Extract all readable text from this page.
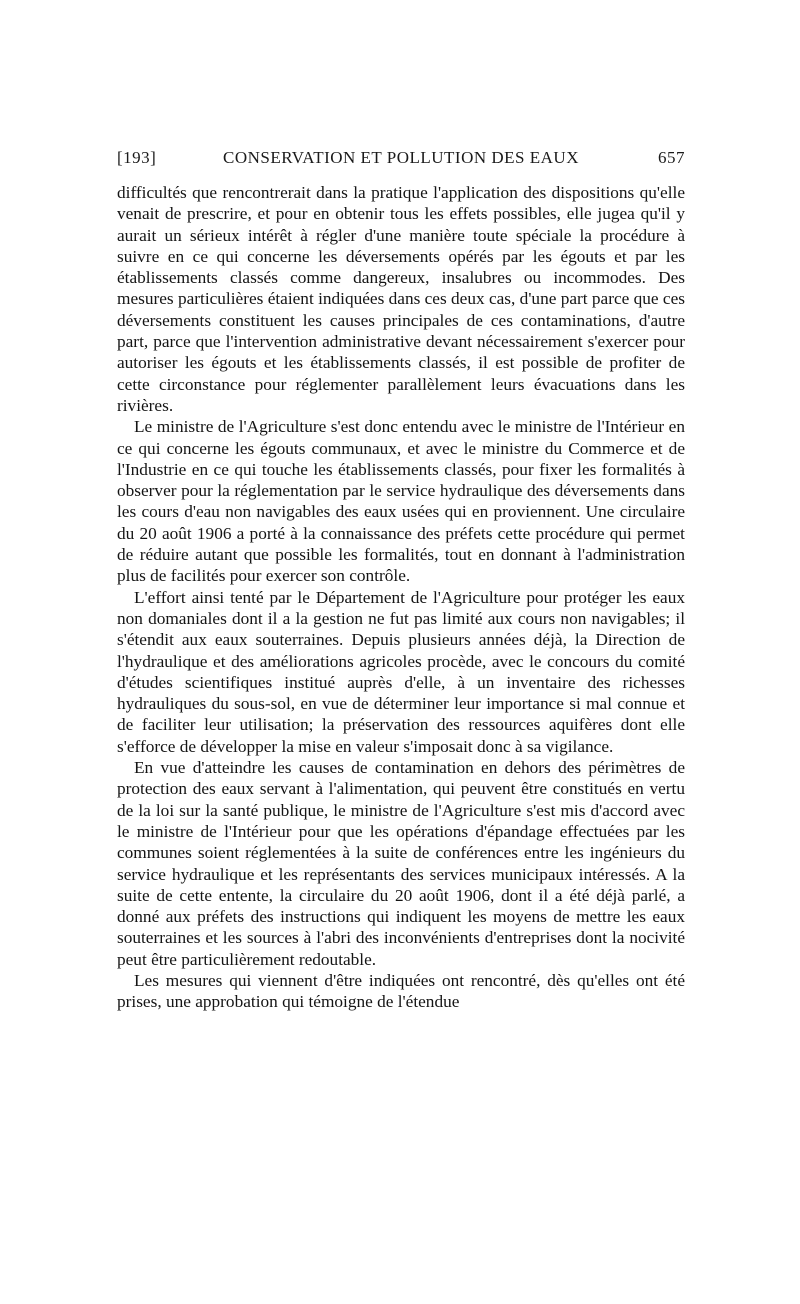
[193]	CONSERVATION ET POLLUTION DES EAUX	657

difficultés que rencontrerait dans la pratique l'application des dispositions qu'elle venait de prescrire, et pour en obtenir tous les effets possibles, elle jugea qu'il y aurait un sérieux intérêt à régler d'une manière toute spéciale la procédure à suivre en ce qui concerne les déversements opérés par les égouts et par les établissements classés comme dangereux, insalubres ou incommodes. Des mesures particulières étaient indiquées dans ces deux cas, d'une part parce que ces déversements constituent les causes principales de ces contaminations, d'autre part, parce que l'intervention administrative devant nécessairement s'exercer pour autoriser les égouts et les établissements classés, il est possible de profiter de cette circonstance pour réglementer parallèlement leurs évacuations dans les rivières.

Le ministre de l'Agriculture s'est donc entendu avec le ministre de l'Intérieur en ce qui concerne les égouts communaux, et avec le ministre du Commerce et de l'Industrie en ce qui touche les établissements classés, pour fixer les formalités à observer pour la réglementation par le service hydraulique des déversements dans les cours d'eau non navigables des eaux usées qui en proviennent. Une circulaire du 20 août 1906 a porté à la connaissance des préfets cette procédure qui permet de réduire autant que possible les formalités, tout en donnant à l'administration plus de facilités pour exercer son contrôle.

L'effort ainsi tenté par le Département de l'Agriculture pour protéger les eaux non domaniales dont il a la gestion ne fut pas limité aux cours non navigables; il s'étendit aux eaux souterraines. Depuis plusieurs années déjà, la Direction de l'hydraulique et des améliorations agricoles procède, avec le concours du comité d'études scientifiques institué auprès d'elle, à un inventaire des richesses hydrauliques du sous-sol, en vue de déterminer leur importance si mal connue et de faciliter leur utilisation; la préservation des ressources aquifères dont elle s'efforce de développer la mise en valeur s'imposait donc à sa vigilance.

En vue d'atteindre les causes de contamination en dehors des périmètres de protection des eaux servant à l'alimentation, qui peuvent être constitués en vertu de la loi sur la santé publique, le ministre de l'Agriculture s'est mis d'accord avec le ministre de l'Intérieur pour que les opérations d'épandage effectuées par les communes soient réglementées à la suite de conférences entre les ingénieurs du service hydraulique et les représentants des services municipaux intéressés. A la suite de cette entente, la circulaire du 20 août 1906, dont il a été déjà parlé, a donné aux préfets des instructions qui indiquent les moyens de mettre les eaux souterraines et les sources à l'abri des inconvénients d'entreprises dont la nocivité peut être particulièrement redoutable.

Les mesures qui viennent d'être indiquées ont rencontré, dès qu'elles ont été prises, une approbation qui témoigne de l'étendue
